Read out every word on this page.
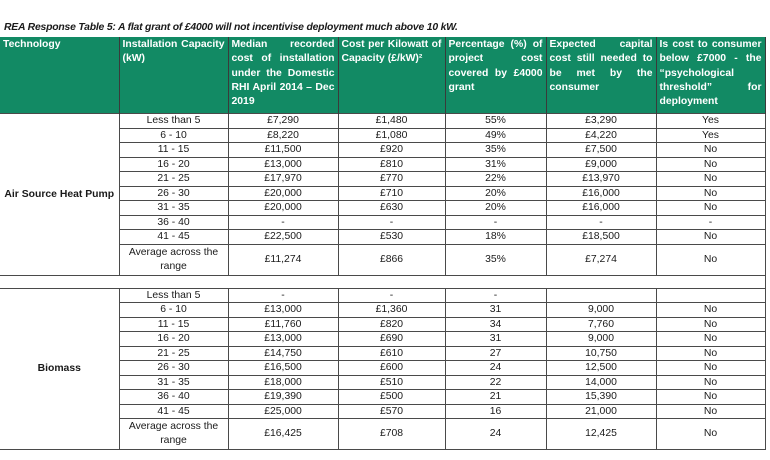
REA Response Table 5: A flat grant of £4000 will not incentivise deployment much above 10 kW.
Technology	Installation Capacity (kW)	Median recorded cost of installation under the Domestic RHI April 2014 – Dec 2019	Cost per Kilowatt of Capacity (£/kW)²	Percentage (%) of project cost covered by £4000 grant	Expected capital cost still needed to be met by the consumer	Is cost to consumer below £7000 - the “psychological threshold” for deployment
Air Source Heat Pump	Less than 5	£7,290	£1,480	55%	£3,290	Yes
	6 - 10	£8,220	£1,080	49%	£4,220	Yes
	11 - 15	£11,500	£920	35%	£7,500	No
	16 - 20	£13,000	£810	31%	£9,000	No
	21 - 25	£17,970	£770	22%	£13,970	No
	26 - 30	£20,000	£710	20%	£16,000	No
	31 - 35	£20,000	£630	20%	£16,000	No
	36 - 40	-	-	-	-	-
	41 - 45	£22,500	£530	18%	£18,500	No
	Average across the range	£11,274	£866	35%	£7,274	No

Biomass	Less than 5	-	-	-		
	6 - 10	£13,000	£1,360	31	9,000	No
	11 - 15	£11,760	£820	34	7,760	No
	16 - 20	£13,000	£690	31	9,000	No
	21 - 25	£14,750	£610	27	10,750	No
	26 - 30	£16,500	£600	24	12,500	No
	31 - 35	£18,000	£510	22	14,000	No
	36 - 40	£19,390	£500	21	15,390	No
	41 - 45	£25,000	£570	16	21,000	No
	Average across the range	£16,425	£708	24	12,425	No
